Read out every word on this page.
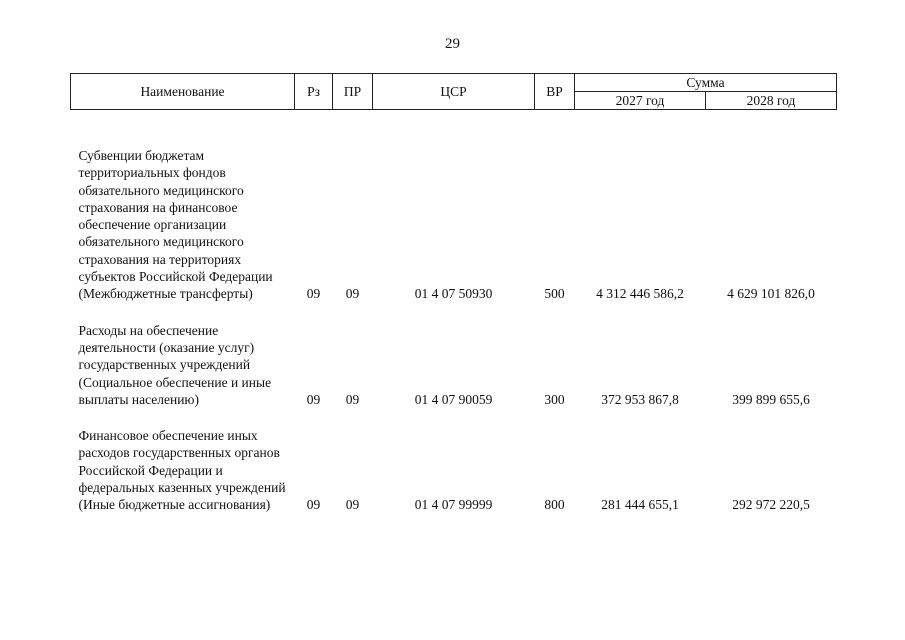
29
Наименование	Рз	ПР	ЦСР	ВР	Сумма	
					2027 год	2028 год

Субвенции бюджетам территориальных фондов обязательного медицинского страхования на финансовое обеспечение организации обязательного медицинского страхования на территориях субъектов Российской Федерации (Межбюджетные трансферты)	09	09	01 4 07 50930	500	4 312 446 586,2	4 629 101 826,0

Расходы на обеспечение деятельности (оказание услуг) государственных учреждений (Социальное обеспечение и иные выплаты населению)	09	09	01 4 07 90059	300	372 953 867,8	399 899 655,6

Финансовое обеспечение иных расходов государственных органов Российской Федерации и федеральных казенных учреждений (Иные бюджетные ассигнования)	09	09	01 4 07 99999	800	281 444 655,1	292 972 220,5
